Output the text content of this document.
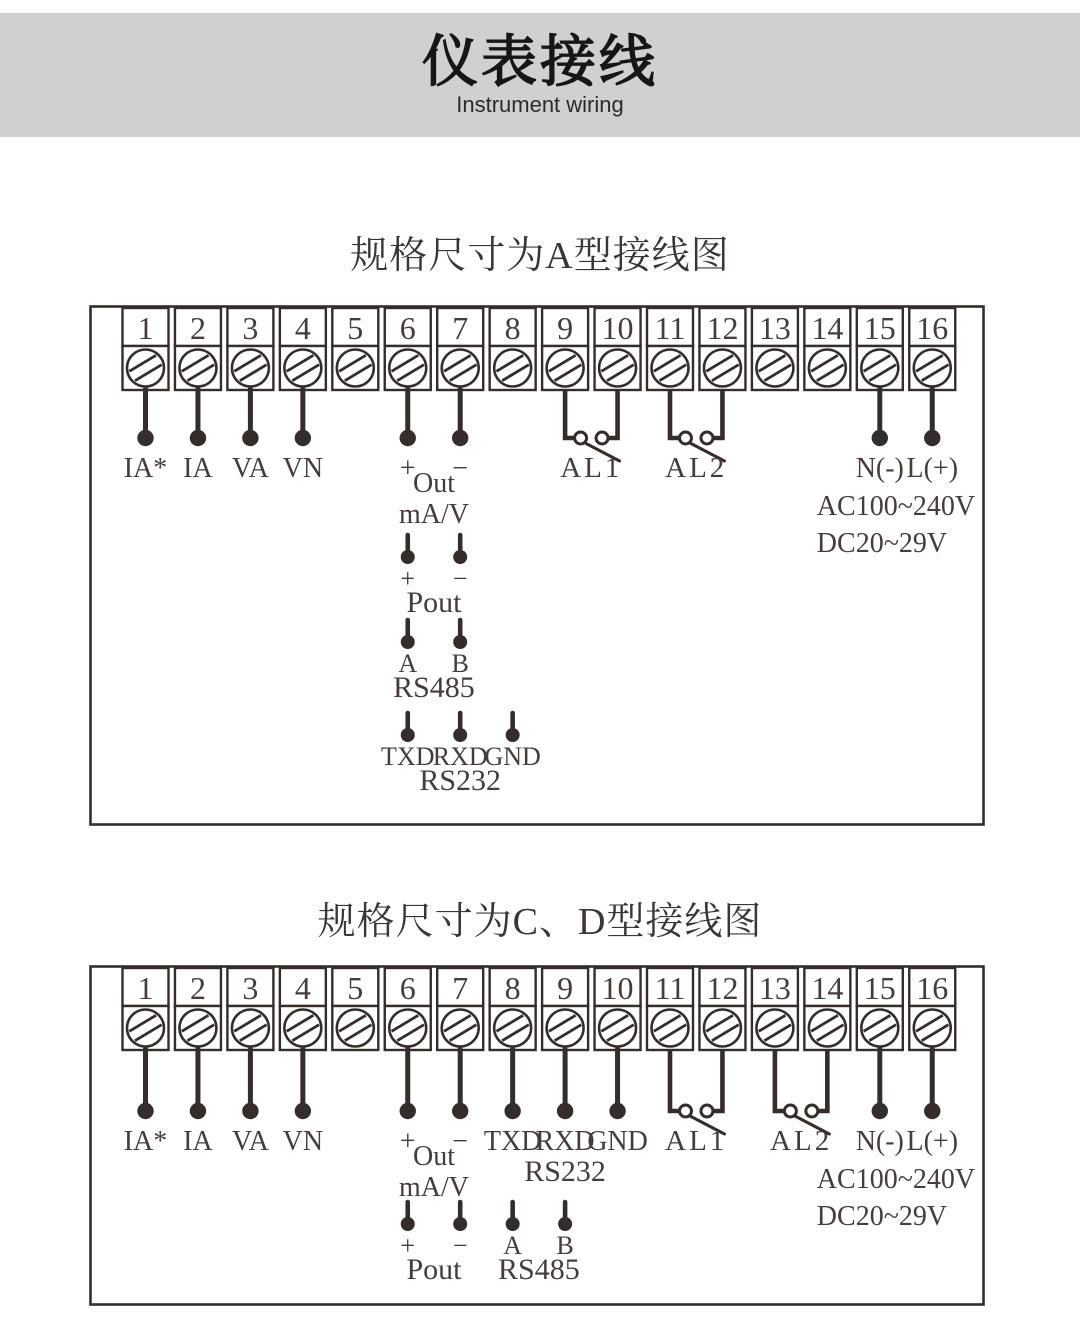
仪表接线
Instrument wiring
规格尺寸为A型接线图
1 2 3 4 5 6 7 8 9 10 11 12 13 14 15 16
IA* IA VA VN	+ −	AL1 AL2	N(-) L(+)
Out
mA/V	AC100~240V
DC20~29V
+ −
Pout
A B
RS485
TXD
RXD
GND
RS232
规格尺寸为C、D型接线图
1 2 3 4 5 6 7 8 9 10 11 12 13 14 15 16
IA* IA VA VN	+ − TXD
RXD
GND AL1 AL2 N(-) L(+)
Out
mA/V RS232	AC100~240V
DC20~29V
+ −
Pout
A B
RS485
